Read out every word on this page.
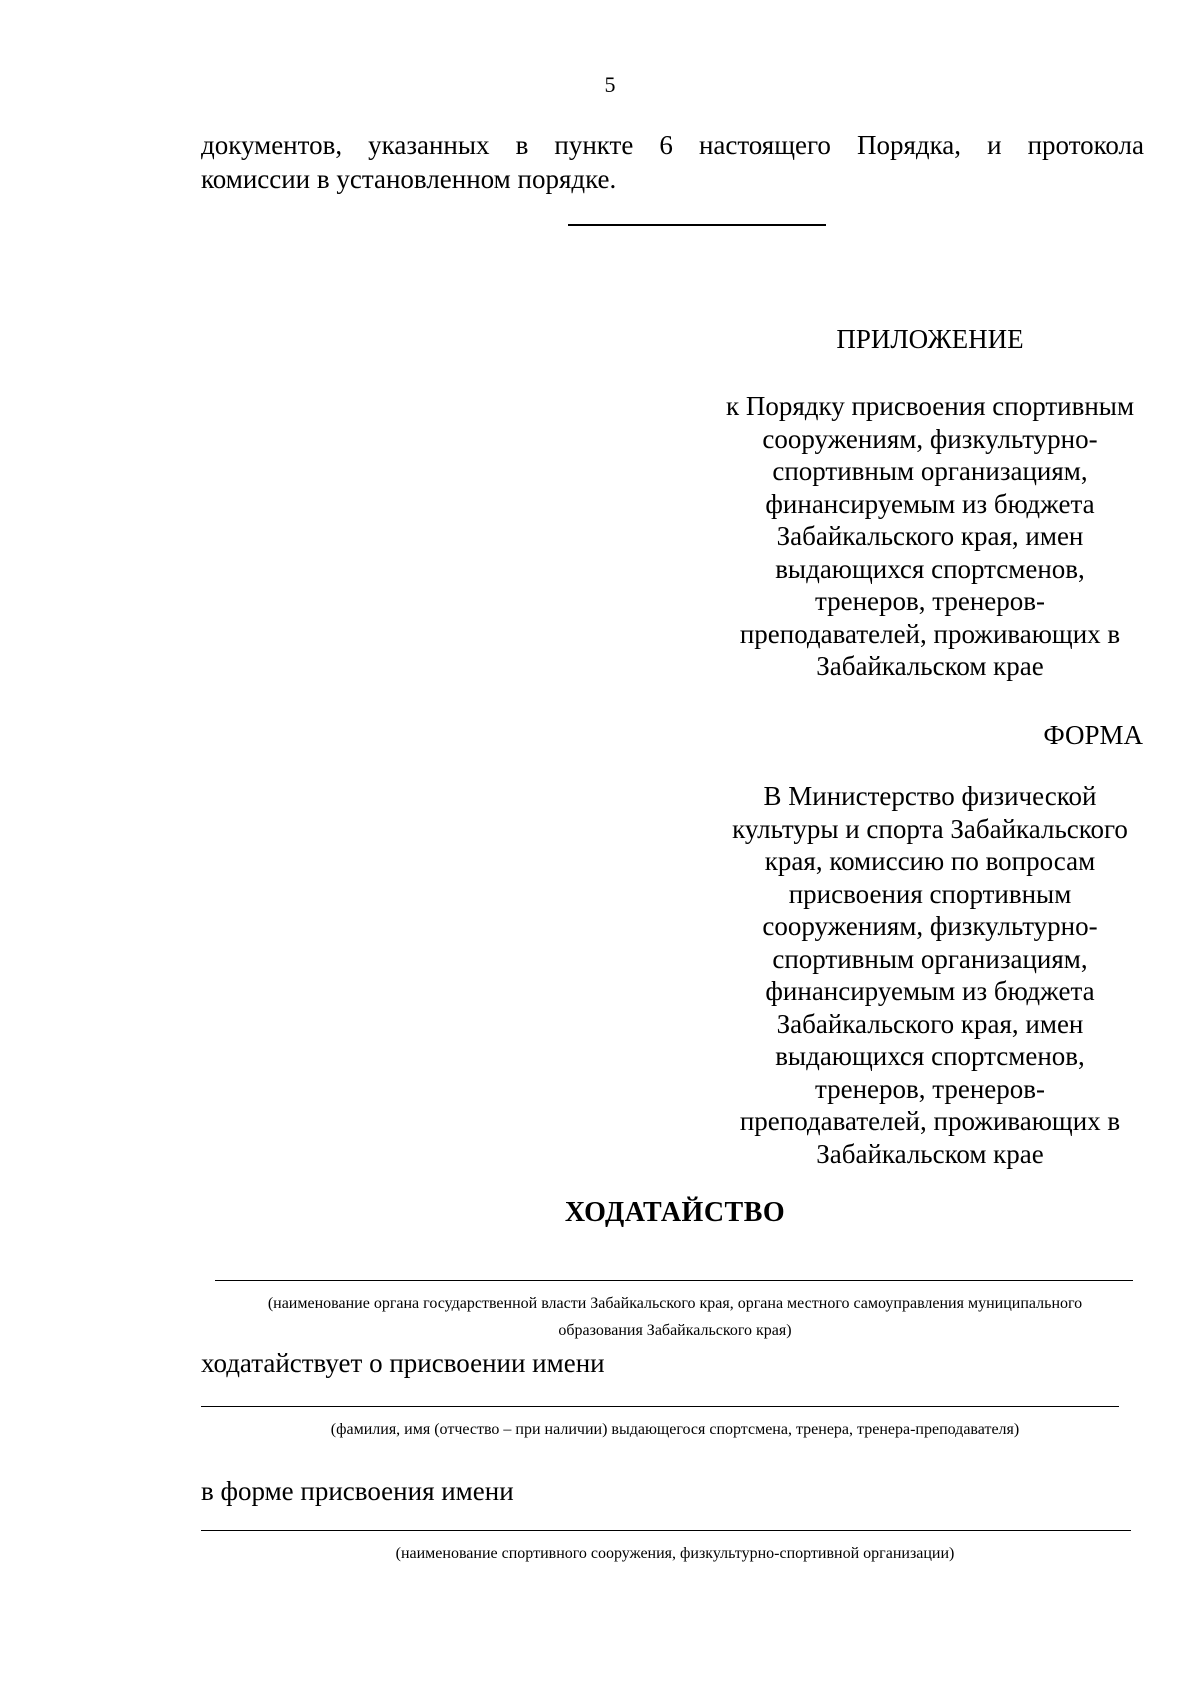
5
документов, указанных в пункте 6 настоящего Порядка, и протокола
комиссии в установленном порядке.
ПРИЛОЖЕНИЕ
к Порядку присвоения спортивным
сооружениям, физкультурно-
спортивным организациям,
финансируемым из бюджета
Забайкальского края, имен
выдающихся спортсменов,
тренеров, тренеров-
преподавателей, проживающих в
Забайкальском крае
ФОРМА
В Министерство физической
культуры и спорта Забайкальского
края, комиссию по вопросам
присвоения спортивным
сооружениям, физкультурно-
спортивным организациям,
финансируемым из бюджета
Забайкальского края, имен
выдающихся спортсменов,
тренеров, тренеров-
преподавателей, проживающих в
Забайкальском крае
ХОДАТАЙСТВО
(наименование органа государственной власти Забайкальского края, органа местного самоуправления муниципального
образования Забайкальского края)
ходатайствует о присвоении имени
(фамилия, имя (отчество – при наличии) выдающегося спортсмена, тренера, тренера-преподавателя)
в форме присвоения имени
(наименование спортивного сооружения, физкультурно-спортивной организации)
